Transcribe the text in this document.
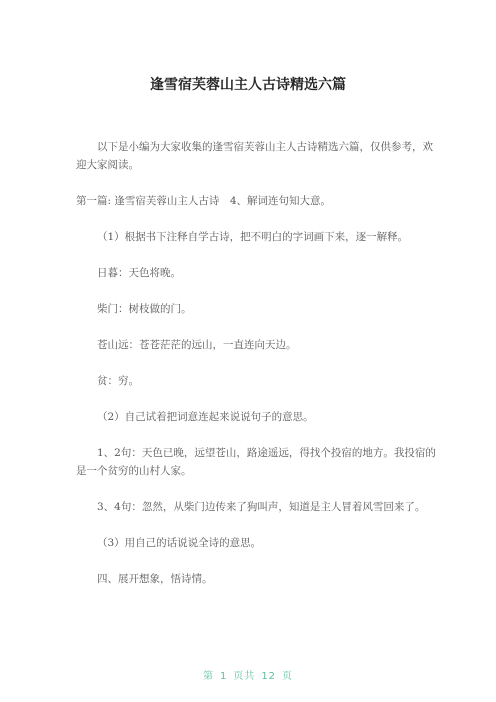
逢雪宿芙蓉山主人古诗精选六篇
以下是小编为大家收集的逢雪宿芙蓉山主人古诗精选六篇，仅供参考，欢迎大家阅读。
第一篇: 逢雪宿芙蓉山主人古诗　4、解词连句知大意。
（1）根据书下注释自学古诗，把不明白的字词画下来，逐一解释。
日暮：天色将晚。
柴门：树枝做的门。
苍山远：苍苍茫茫的远山，一直连向天边。
贫：穷。
（2）自己试着把词意连起来说说句子的意思。
1、2句：天色已晚，远望苍山，路途遥远，得找个投宿的地方。我投宿的是一个贫穷的山村人家。
3、4句：忽然，从柴门边传来了狗叫声，知道是主人冒着风雪回来了。
（3）用自己的话说说全诗的意思。
四、展开想象，悟诗情。
第 1 页共 12 页
